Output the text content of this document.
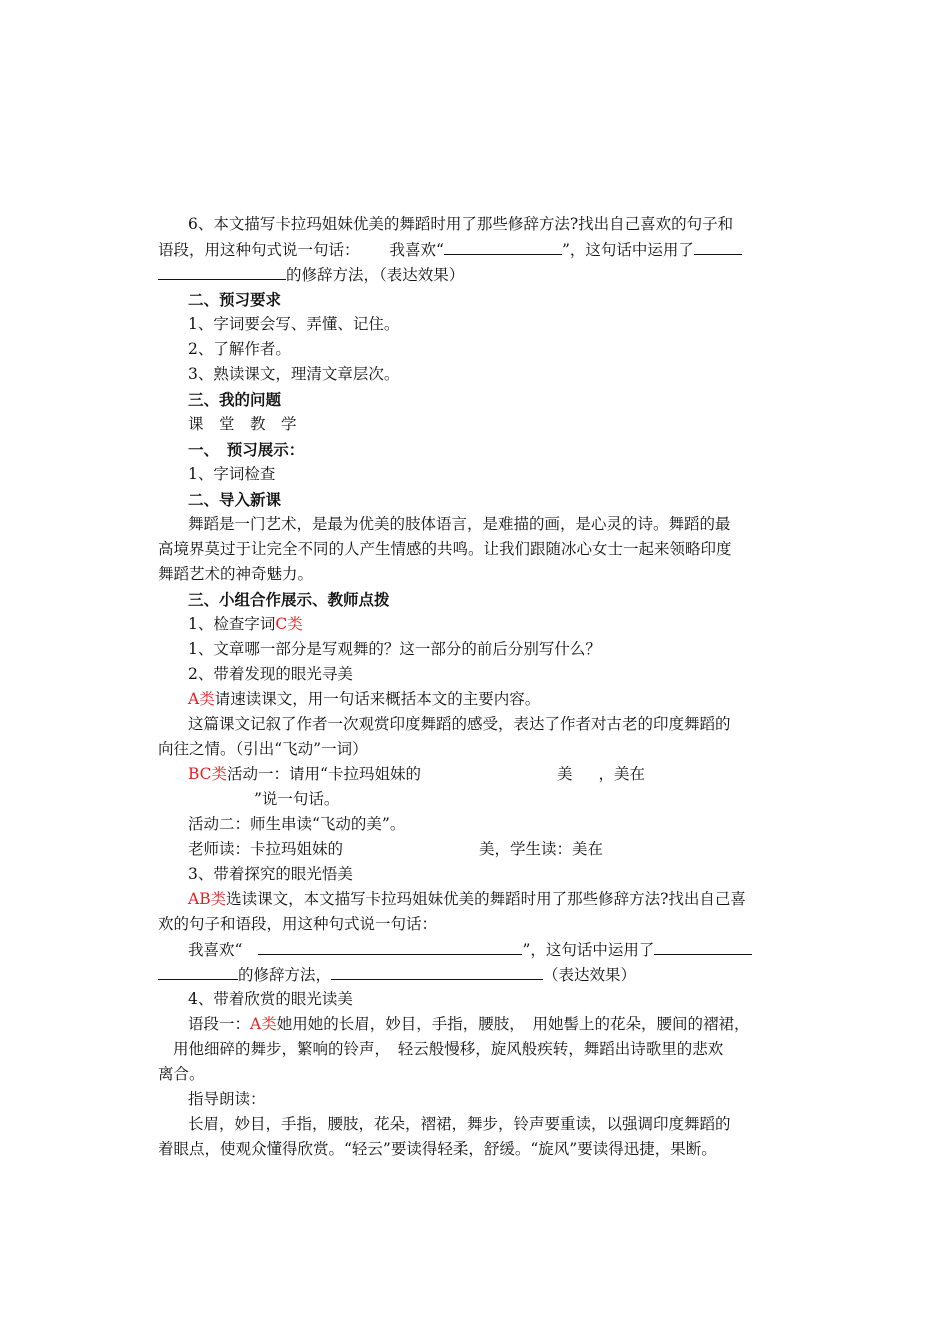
6、本文描写卡拉玛姐妹优美的舞蹈时用了那些修辞方法?找出自己喜欢的句子和
语段，用这种句式说一句话： 我喜欢“	”，这句话中运用了
的修辞方法，（表达效果）
二、预习要求
1、字词要会写、弄懂、记住。
2、了解作者。
3、熟读课文，理清文章层次。
三、我的问题
课　堂　教　学
一、　预习展示：
1、字词检查
二、导入新课
舞蹈是一门艺术，是最为优美的肢体语言，是难描的画，是心灵的诗。舞蹈的最
高境界莫过于让完全不同的人产生情感的共鸣。让我们跟随冰心女士一起来领略印度
舞蹈艺术的神奇魅力。
三、小组合作展示、教师点拨
1、检查字词C类
1、文章哪一部分是写观舞的？这一部分的前后分别写什么？
2、带着发现的眼光寻美
A类请速读课文，用一句话来概括本文的主要内容。
这篇课文记叙了作者一次观赏印度舞蹈的感受，表达了作者对古老的印度舞蹈的
向往之情。（引出“飞动”一词）
BC类活动一：请用“卡拉玛姐妹的	美 ，美在
”说一句话。
活动二：师生串读“飞动的美”。
老师读：卡拉玛姐妹的	美，学生读：美在
3、带着探究的眼光悟美
AB类选读课文，本文描写卡拉玛姐妹优美的舞蹈时用了那些修辞方法?找出自己喜
欢的句子和语段，用这种句式说一句话：
我喜欢“	”，这句话中运用了
的修辞方法，	（表达效果）
4、带着欣赏的眼光读美
语段一：A类她用她的长眉，妙目，手指，腰肢，　用她髻上的花朵，腰间的褶裙，
用他细碎的舞步，繁响的铃声，　轻云般慢移，旋风般疾转，舞蹈出诗歌里的悲欢
离合。
指导朗读：
长眉，妙目，手指，腰肢，花朵，褶裙，舞步，铃声要重读，以强调印度舞蹈的
着眼点，使观众懂得欣赏。“轻云”要读得轻柔，舒缓。“旋风”要读得迅捷，果断。
